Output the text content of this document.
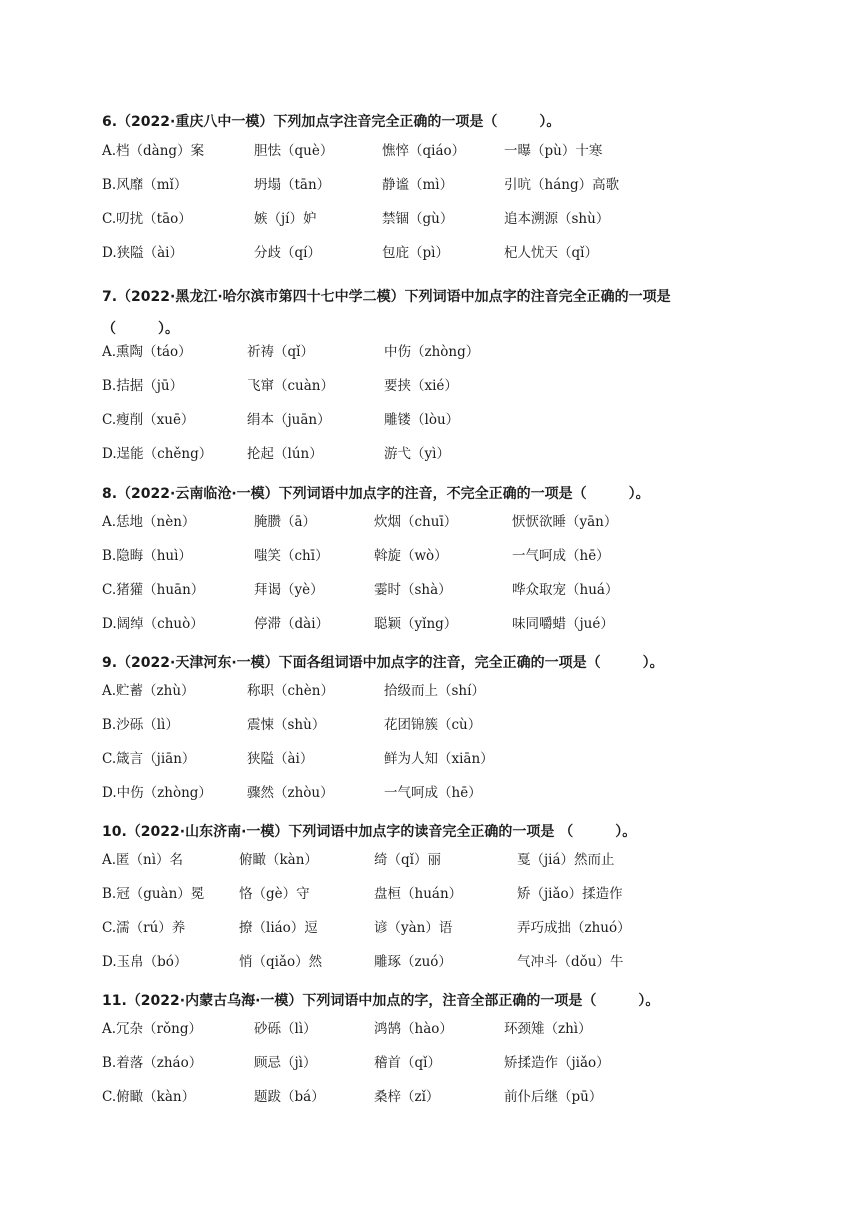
6.（2022·重庆八中一模）下列加点字注音完全正确的一项是（　　　）。
A.档（dàng）案	胆怯（què）	憔悴（qiáo）	一曝（pù）十寒
B.风靡（mǐ）	坍塌（tān）	静谧（mì）	引吭（háng）高歌
C.叨扰（tāo）	嫉（jí）妒	禁锢（gù）	追本溯源（shù）
D.狭隘（ài）	分歧（qí）	包庇（pì）	杞人忧天（qǐ）
7.（2022·黑龙江·哈尔滨市第四十七中学二模）下列词语中加点字的注音完全正确的一项是（　　　）。
A.熏陶（táo）	祈祷（qǐ）	中伤（zhòng）
B.拮据（jū）	飞窜（cuàn）	要挟（xié）
C.瘦削（xuē）	绢本（juān）	雕镂（lòu）
D.逞能（chěng）	抡起（lún）	游弋（yì）
8.（2022·云南临沧·一模）下列词语中加点字的注音，不完全正确的一项是（　　　）。
A.恁地（nèn）	腌臜（ā）	炊烟（chuī）	恹恹欲睡（yān）
B.隐晦（huì）	嗤笑（chī）	斡旋（wò）	一气呵成（hē）
C.猪獾（huān）	拜谒（yè）	霎时（shà）	哗众取宠（huá）
D.阔绰（chuò）	停滞（dài）	聪颖（yǐng）	味同嚼蜡（jué）
9.（2022·天津河东·一模）下面各组词语中加点字的注音，完全正确的一项是（　　　）。
A.贮蓄（zhù）	称职（chèn）	拾级而上（shí）
B.沙砾（lì）	震悚（shù）	花团锦簇（cù）
C.箴言（jiān）	狭隘（ài）	鲜为人知（xiān）
D.中伤（zhòng）	骤然（zhòu）	一气呵成（hē）
10.（2022·山东济南·一模）下列词语中加点字的读音完全正确的一项是 （　　　）。
A.匿（nì）名	俯瞰（kàn）	绮（qǐ）丽	戛（jiá）然而止
B.冠（guàn）冕	恪（gè）守	盘桓（huán）	矫（jiǎo）揉造作
C.濡（rú）养	撩（liáo）逗	谚（yàn）语	弄巧成拙（zhuó）
D.玉帛（bó）	悄（qiǎo）然	雕琢（zuó）	气冲斗（dǒu）牛
11.（2022·内蒙古乌海·一模）下列词语中加点的字，注音全部正确的一项是（　　　）。
A.冗杂（rǒng）	砂砾（lì）	鸿鹄（hào）	环颈雉（zhì）
B.着落（zháo）	顾忌（jì）	稽首（qǐ）	矫揉造作（jiǎo）
C.俯瞰（kàn）	题跋（bá）	桑梓（zǐ）	前仆后继（pū）
